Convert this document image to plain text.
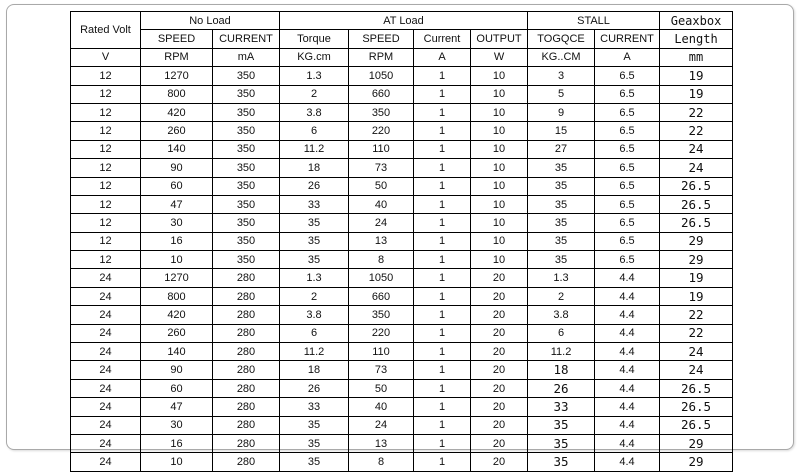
Rated Volt	No Load		AT Load				STALL		Geaxbox
	SPEED	CURRENT	Torque	SPEED	Current	OUTPUT	TOGQCE	CURRENT	Length
V	RPM	mA	KG.cm	RPM	A	W	KG..CM	A	mm
12	1270	350	1.3	1050	1	10	3	6.5	19
12	800	350	2	660	1	10	5	6.5	19
12	420	350	3.8	350	1	10	9	6.5	22
12	260	350	6	220	1	10	15	6.5	22
12	140	350	11.2	110	1	10	27	6.5	24
12	90	350	18	73	1	10	35	6.5	24
12	60	350	26	50	1	10	35	6.5	26.5
12	47	350	33	40	1	10	35	6.5	26.5
12	30	350	35	24	1	10	35	6.5	26.5
12	16	350	35	13	1	10	35	6.5	29
12	10	350	35	8	1	10	35	6.5	29
24	1270	280	1.3	1050	1	20	1.3	4.4	19
24	800	280	2	660	1	20	2	4.4	19
24	420	280	3.8	350	1	20	3.8	4.4	22
24	260	280	6	220	1	20	6	4.4	22
24	140	280	11.2	110	1	20	11.2	4.4	24
24	90	280	18	73	1	20	18	4.4	24
24	60	280	26	50	1	20	26	4.4	26.5
24	47	280	33	40	1	20	33	4.4	26.5
24	30	280	35	24	1	20	35	4.4	26.5
24	16	280	35	13	1	20	35	4.4	29
24	10	280	35	8	1	20	35	4.4	29
